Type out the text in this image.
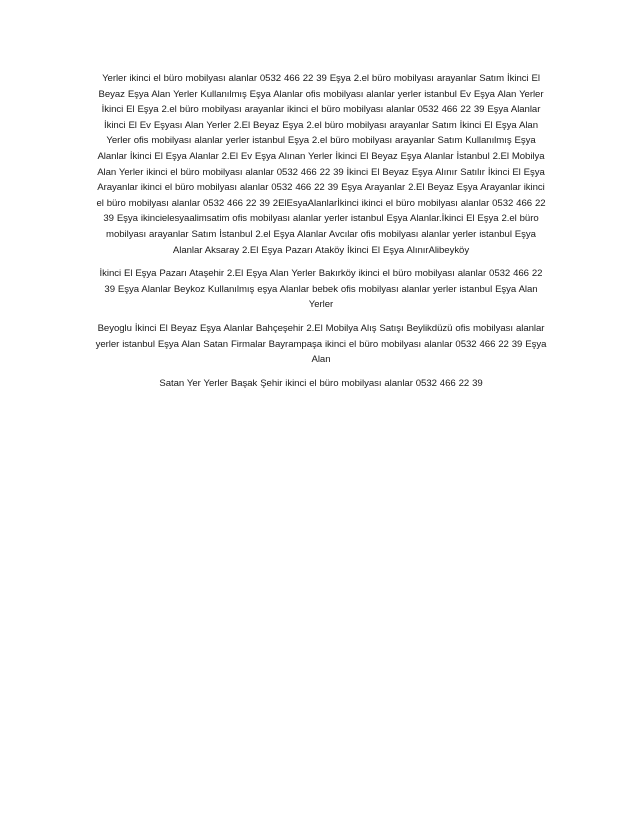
Yerler ikinci el büro mobilyası alanlar 0532 466 22 39 Eşya 2.el büro mobilyası arayanlar Satım İkinci El Beyaz Eşya Alan Yerler Kullanılmış Eşya Alanlar ofis mobilyası alanlar yerler istanbul Ev Eşya Alan Yerler İkinci El Eşya 2.el büro mobilyası arayanlar ikinci el büro mobilyası alanlar 0532 466 22 39 Eşya Alanlar İkinci El Ev Eşyası Alan Yerler 2.El Beyaz Eşya 2.el büro mobilyası arayanlar Satım İkinci El Eşya Alan Yerler ofis mobilyası alanlar yerler istanbul Eşya 2.el büro mobilyası arayanlar Satım Kullanılmış Eşya Alanlar İkinci El Eşya Alanlar 2.El Ev Eşya Alınan Yerler İkinci El Beyaz Eşya Alanlar İstanbul 2.El Mobilya Alan Yerler ikinci el büro mobilyası alanlar 0532 466 22 39 İkinci El Beyaz Eşya Alınır Satılır İkinci El Eşya Arayanlar ikinci el büro mobilyası alanlar 0532 466 22 39 Eşya Arayanlar 2.El Beyaz Eşya Arayanlar ikinci el büro mobilyası alanlar 0532 466 22 39 2ElEsyaAlanlarİkinci ikinci el büro mobilyası alanlar 0532 466 22 39 Eşya ikincielesyaalimsatim ofis mobilyası alanlar yerler istanbul Eşya Alanlar.İkinci El Eşya 2.el büro mobilyası arayanlar Satım İstanbul 2.el Eşya Alanlar Avcılar ofis mobilyası alanlar yerler istanbul Eşya Alanlar Aksaray 2.El Eşya Pazarı Ataköy İkinci El Eşya AlınırAlibeyköy

İkinci El Eşya Pazarı Ataşehir 2.El Eşya Alan Yerler Bakırköy ikinci el büro mobilyası alanlar 0532 466 22 39 Eşya Alanlar Beykoz Kullanılmış eşya Alanlar bebek ofis mobilyası alanlar yerler istanbul Eşya Alan Yerler

Beyoglu İkinci El Beyaz Eşya Alanlar Bahçeşehir 2.El Mobilya Alış Satışı Beylikdüzü ofis mobilyası alanlar yerler istanbul Eşya Alan Satan Firmalar Bayrampaşa ikinci el büro mobilyası alanlar 0532 466 22 39 Eşya Alan

Satan Yer Yerler Başak Şehir ikinci el büro mobilyası alanlar 0532 466 22 39
